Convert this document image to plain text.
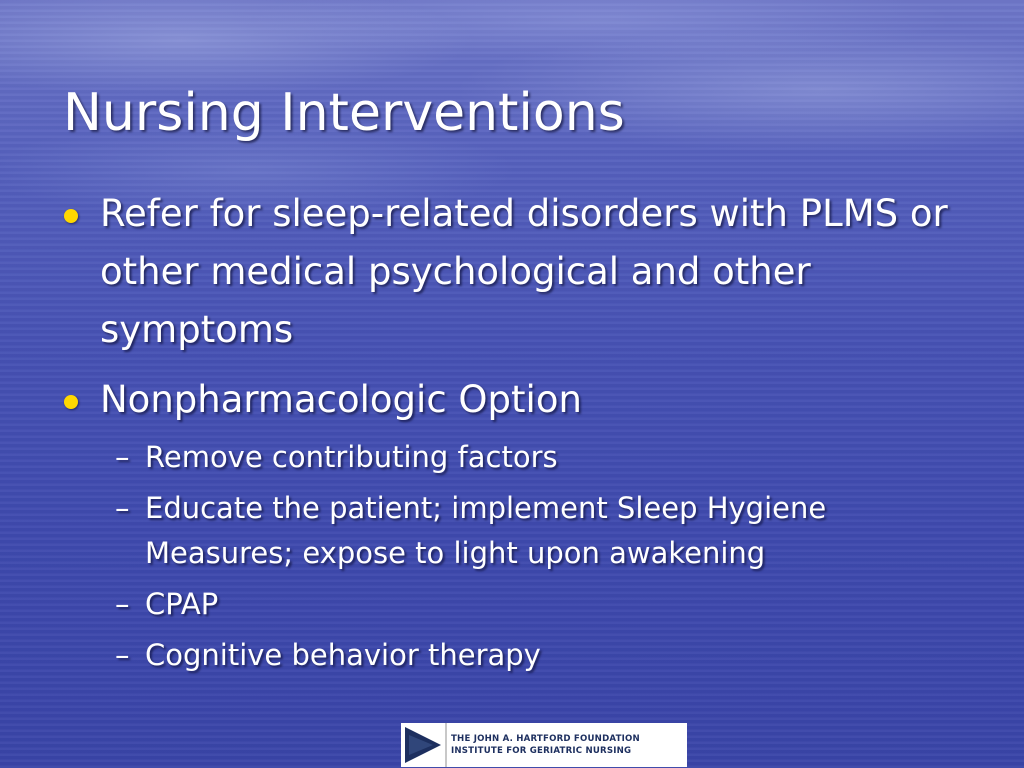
Nursing Interventions
Refer for sleep-related disorders with PLMS or other medical psychological and other symptoms
Nonpharmacologic Option
– Remove contributing factors
– Educate the patient; implement Sleep Hygiene Measures; expose to light upon awakening
– CPAP
– Cognitive behavior therapy
THE JOHN A. HARTFORD FOUNDATION
INSTITUTE FOR GERIATRIC NURSING
